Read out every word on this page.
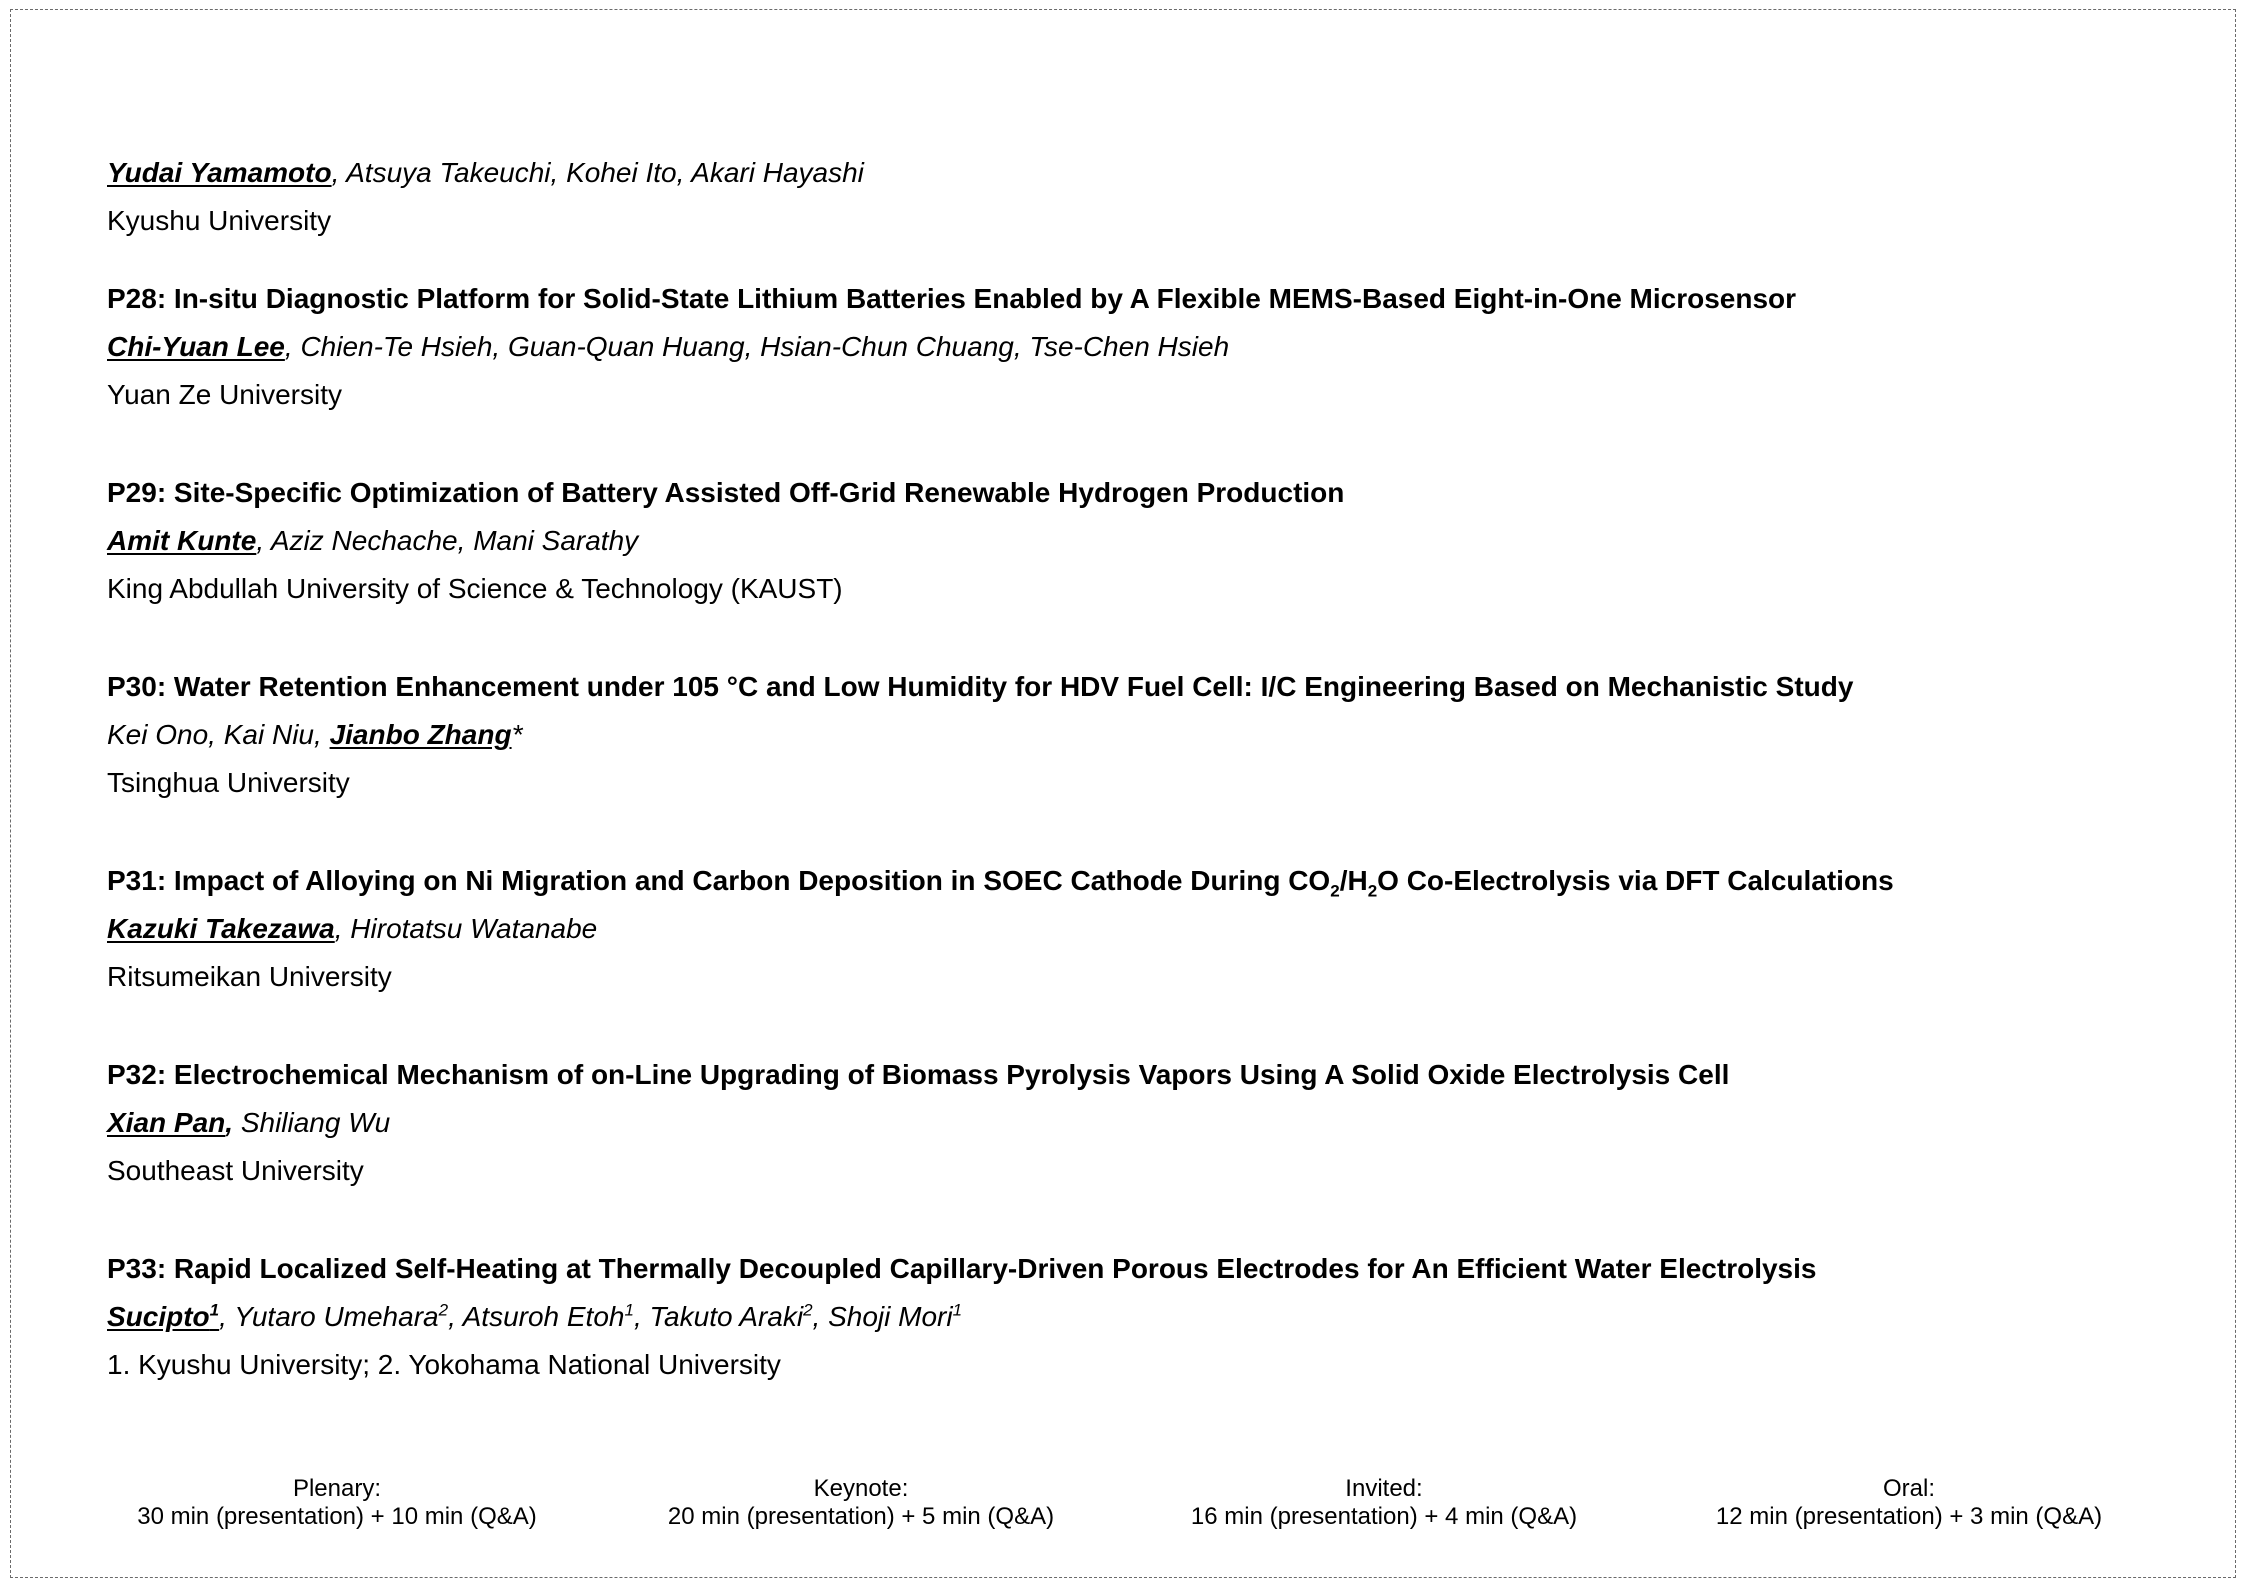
Yudai Yamamoto, Atsuya Takeuchi, Kohei Ito, Akari Hayashi
Kyushu University
P28: In-situ Diagnostic Platform for Solid-State Lithium Batteries Enabled by A Flexible MEMS-Based Eight-in-One Microsensor
Chi-Yuan Lee, Chien-Te Hsieh, Guan-Quan Huang, Hsian-Chun Chuang, Tse-Chen Hsieh
Yuan Ze University
P29: Site-Specific Optimization of Battery Assisted Off-Grid Renewable Hydrogen Production
Amit Kunte, Aziz Nechache, Mani Sarathy
King Abdullah University of Science & Technology (KAUST)
P30: Water Retention Enhancement under 105 °C and Low Humidity for HDV Fuel Cell: I/C Engineering Based on Mechanistic Study
Kei Ono, Kai Niu, Jianbo Zhang*
Tsinghua University
P31: Impact of Alloying on Ni Migration and Carbon Deposition in SOEC Cathode During $CO_2/H_2O$ Co-Electrolysis via DFT Calculations
Kazuki Takezawa, Hirotatsu Watanabe
Ritsumeikan University
P32: Electrochemical Mechanism of on-Line Upgrading of Biomass Pyrolysis Vapors Using A Solid Oxide Electrolysis Cell
Xian Pan, Shiliang Wu
Southeast University
P33: Rapid Localized Self-Heating at Thermally Decoupled Capillary-Driven Porous Electrodes for An Efficient Water Electrolysis
Sucipto$^1$, Yutaro Umehara$^2$, Atsuroh Etoh$^1$, Takuto Araki$^2$, Shoji Mori$^1$
1. Kyushu University; 2. Yokohama National University
Plenary:
30 min (presentation) + 10 min (Q&A)
Keynote:
20 min (presentation) + 5 min (Q&A)
Invited:
16 min (presentation) + 4 min (Q&A)
Oral:
12 min (presentation) + 3 min (Q&A)
